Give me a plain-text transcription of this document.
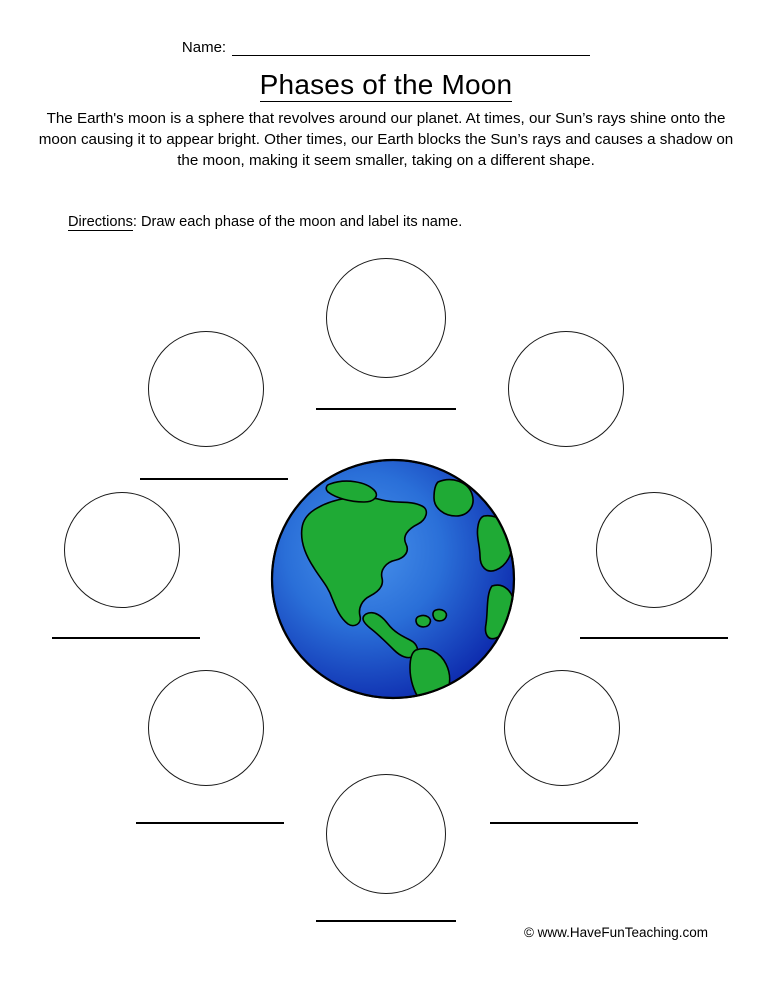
Name:
Phases of the Moon
The Earth's moon is a sphere that revolves around our planet. At times, our Sun’s rays shine onto the moon causing it to appear bright. Other times, our Earth blocks the Sun’s rays and causes a shadow on the moon, making it seem smaller, taking on a different shape.
Directions: Draw each phase of the moon and label its name.
© www.HaveFunTeaching.com
